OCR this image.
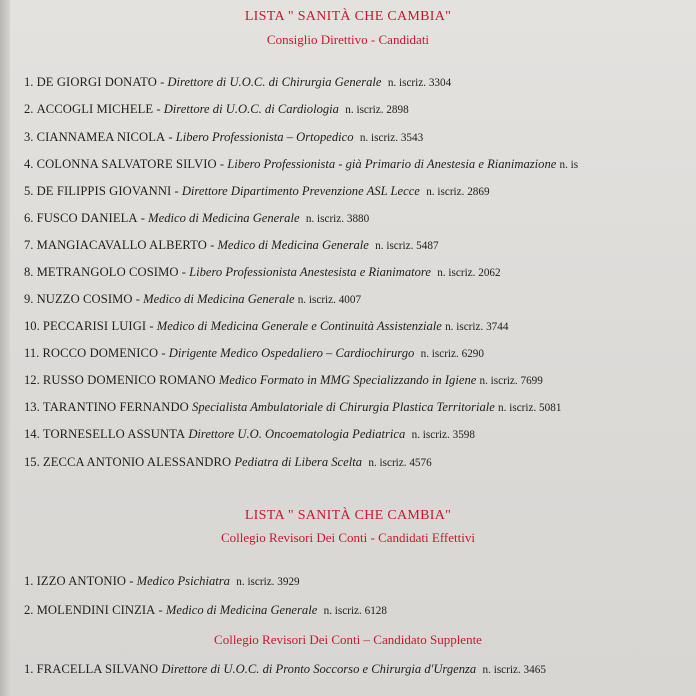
LISTA " SANITÀ CHE CAMBIA"
Consiglio Direttivo - Candidati
1. DE GIORGI DONATO - Direttore di U.O.C. di Chirurgia Generale n. iscriz. 3304
2. ACCOGLI MICHELE - Direttore di U.O.C. di Cardiologia n. iscriz. 2898
3. CIANNAMEA NICOLA - Libero Professionista – Ortopedico n. iscriz. 3543
4. COLONNA SALVATORE SILVIO - Libero Professionista - già Primario di Anestesia e Rianimazione n. is
5. DE FILIPPIS GIOVANNI - Direttore Dipartimento Prevenzione ASL Lecce n. iscriz. 2869
6. FUSCO DANIELA - Medico di Medicina Generale n. iscriz. 3880
7. MANGIACAVALLO ALBERTO - Medico di Medicina Generale n. iscriz. 5487
8. METRANGOLO COSIMO - Libero Professionista Anestesista e Rianimatore n. iscriz. 2062
9. NUZZO COSIMO - Medico di Medicina Generale n. iscriz. 4007
10. PECCARISI LUIGI - Medico di Medicina Generale e Continuità Assistenziale n. iscriz. 3744
11. ROCCO DOMENICO - Dirigente Medico Ospedaliero – Cardiochirurgo n. iscriz. 6290
12. RUSSO DOMENICO ROMANO Medico Formato in MMG Specializzando in Igiene n. iscriz. 7699
13. TARANTINO FERNANDO Specialista Ambulatoriale di Chirurgia Plastica Territoriale n. iscriz. 5081
14. TORNESELLO ASSUNTA Direttore U.O. Oncoematologia Pediatrica n. iscriz. 3598
15. ZECCA ANTONIO ALESSANDRO Pediatra di Libera Scelta n. iscriz. 4576
LISTA " SANITÀ CHE CAMBIA"
Collegio Revisori Dei Conti - Candidati Effettivi
1. IZZO ANTONIO - Medico Psichiatra n. iscriz. 3929
2. MOLENDINI CINZIA - Medico di Medicina Generale n. iscriz. 6128
Collegio Revisori Dei Conti – Candidato Supplente
1. FRACELLA SILVANO Direttore di U.O.C. di Pronto Soccorso e Chirurgia d'Urgenza n. iscriz. 3465
